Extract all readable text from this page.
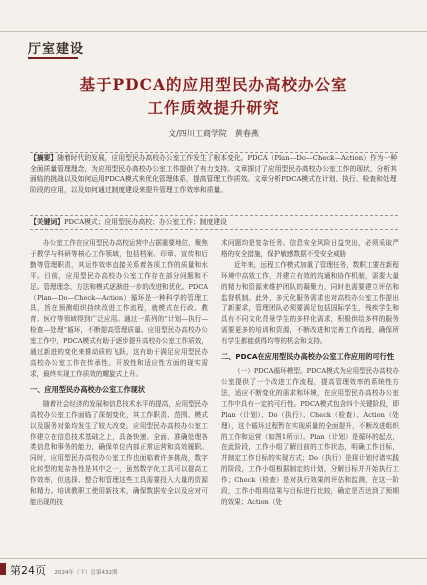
厅室建设
基于PDCA的应用型民办高校办公室
工作质效提升研究
文/四川工商学院　黄春燕
【摘要】随着时代的发展，应用型民办高校办公室工作发生了根本变化。PDCA（Plan—Do—Check—Action）作为一种全面质量管理理念，为应用型民办高校办公室工作提供了有力支持。文章探讨了应用型民办高校办公室工作的现状，分析其面临的挑战以及如何运用PDCA模式来优化管理体系，提高管理工作质效。文章分析PDCA模式在计划、执行、检查和处理阶段的应用，以及如何通过制度建设来提升管理工作效率和质量。
【关键词】PDCA模式；应用型民办高校；办公室工作；制度建设

办公室工作在应用型民办高校运营中占据重要地位，聚焦于教学与科研等核心工作领域，包括档案、印章、宣传和后勤等管理职责，其运作效率直接关系着各项工作的质量和水平。目前，应用型民办高校办公室工作存在部分问题和不足。管理理念、方法和模式逐渐进一步的改进和优化。PDCA（Plan—Do—Check—Action）循环是一种科学的管理工具，旨在预测组织持续改进工作流程，就模式在行政、教育、医疗等领域得到广泛应用。通过一系列的“计划—执行—检查—处理”循环，不断提高管理质量。应用型民办高校办公室工作中，PDCA模式有助于逐步提升高校办公室工作质效，通过新进的变化来推动质的飞跃，这有助于满足应用型民办高校办公室工作在传承性、开放性和适应性方面的现实需求，最终实现工作质效的螺旋式上升。

一、应用型民办高校办公室工作现状

随着社会经济的发展和信息技术水平的提高，应用型民办高校办公室工作面临了深刻变化，其工作职责、范围、模式以及服务对象均发生了较大改变。应用型民办高校办公室工作建立在信息技术基础之上，具备快速、全面、准确处理各类信息和事务的能力，确保单位内部正常运营和高效履职。同时，应用型民办高校办公室工作也面临着许多挑战，数字化转型的复杂各性是其中之一，虽然数字化工具可以提高工作效率，但选择、整合和管理这些工具需要投入大量的资源和精力。培训教职工使用新技术，确保数据安全以及应对可能出现的技

术问题均是复杂任务。信息安全风险日益突出，必须采取严格的安全措施，保护敏感数据不受安全威胁

近年来，远程工作模式加重了管理任务，数职工要在新程环境中高效工作，并建立有效的沟通和协作机制，需要大量的精力和资源来维护团队的凝聚力，同时也需要建立评估和监督机制。此外，多元化服务需求也对高校办公室工作提出了新要求，管理团队必须要满足包括国际学生，残疾学生和具有不同文化背景学生的多样化需求，积极供给多样的服务需要更多的培训和资源，不断改进和完善工作流程，确保所有学生都能获得均等的机会和支持。

二、PDCA在应用型民办高校办公室工作应用的可行性

（一）PDCA循环模型。PDCA模式为应用型民办高校办公室提供了一个改进工作流程，提高管理效率的系统性方法，适应不断变化的需求和环境，在应用型民办高校办公室工作中具有一定的可行性。PDCA模式包含四个关键阶段，即Plan（计划）、Do（执行）、Check（检查）、Action（处理），这个循环过程暂在实现质量的全面提升，不断改进组织的工作和运营（如图1所示）。Plan（计划）是循环的起点，在此阶段，工作小组了解目前的工作状态，明确工作目标，并制定工作目标的实现方式；Do（执行）是将计划付诸实践的阶段，工作小组根据制定的计划，分解目标并开始执行工作；Check（检查）是对执行效果的评估和监测，在这一阶段，工作小组将结果与目标进行比较，确定是否达到了预期的效果；Action（处

第24页 2024年（下）总第432期
